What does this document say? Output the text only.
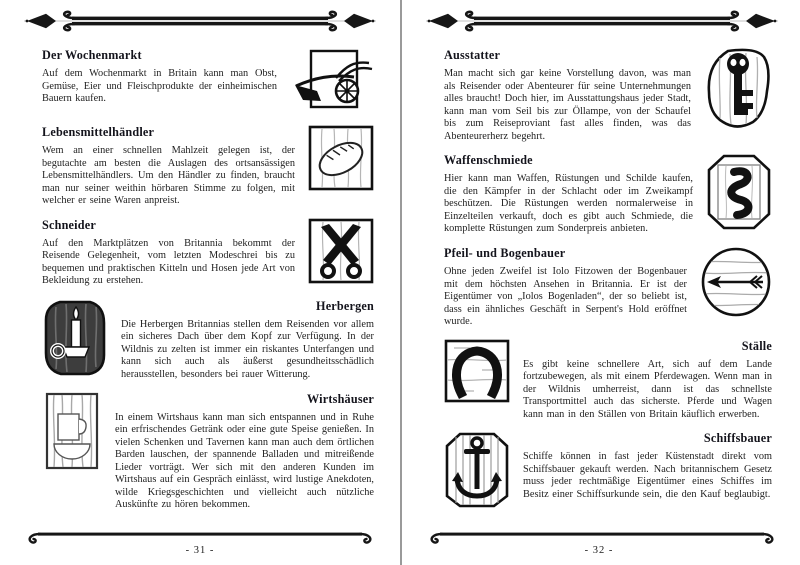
Der Wochenmarkt

Auf dem Wochenmarkt in Britain kann man Obst, Gemüse, Eier und Fleischprodukte der einheimischen Bauern kaufen.

Lebensmittelhändler

Wem an einer schnellen Mahlzeit gelegen ist, der begutachte am besten die Auslagen des ortsansässigen Lebensmittelhändlers. Um den Händler zu finden, braucht man nur seiner weithin hörbaren Stimme zu folgen, mit welcher er seine Waren anpreist.

Schneider

Auf den Marktplätzen von Britannia bekommt der Reisende Gelegenheit, vom letzten Modeschrei bis zu bequemen und praktischen Kitteln und Hosen jede Art von Bekleidung zu erstehen.

Herbergen

Die Herbergen Britannias stellen dem Reisenden vor allem ein sicheres Dach über dem Kopf zur Verfügung. In der Wildnis zu zelten ist immer ein riskantes Unterfangen und kann sich auch als äußerst gesundheitsschädlich herausstellen, besonders bei rauer Witterung.

Wirtshäuser

In einem Wirtshaus kann man sich entspannen und in Ruhe ein erfrischendes Getränk oder eine gute Speise genießen. In vielen Schenken und Tavernen kann man auch dem örtlichen Barden lauschen, der spannende Balladen und mitreißende Lieder vorträgt. Wer sich mit den anderen Kunden im Wirtshaus auf ein Gespräch einlässt, wird lustige Anekdoten, wilde Kriegsgeschichten und vielleicht auch nützliche Auskünfte zu hören bekommen.

- 31 -
Ausstatter

Man macht sich gar keine Vorstellung davon, was man als Reisender oder Abenteurer für seine Unternehmungen alles braucht! Doch hier, im Ausstattungshaus jeder Stadt, kann man vom Seil bis zur Öllampe, von der Schaufel bis zum Reiseproviant fast alles finden, was das Abenteurerherz begehrt.

Waffenschmiede

Hier kann man Waffen, Rüstungen und Schilde kaufen, die den Kämpfer in der Schlacht oder im Zweikampf beschützen. Die Rüstungen werden normalerweise in Einzelteilen verkauft, doch es gibt auch Schmiede, die komplette Rüstungen zum Sonderpreis anbieten.

Pfeil- und Bogenbauer

Ohne jeden Zweifel ist Iolo Fitzowen der Bogenbauer mit dem höchsten Ansehen in Britannia. Er ist der Eigentümer von „Iolos Bogenladen“, der so beliebt ist, dass ein ähnliches Geschäft in Serpent's Hold eröffnet wurde.

Ställe

Es gibt keine schnellere Art, sich auf dem Lande fortzubewegen, als mit einem Pferdewagen. Wenn man in der Wildnis umherreist, dann ist das schnellste Transportmittel auch das sicherste. Pferde und Wagen kann man in den Ställen von Britain käuflich erwerben.

Schiffsbauer

Schiffe können in fast jeder Küstenstadt direkt vom Schiffsbauer gekauft werden. Nach britannischem Gesetz muss jeder rechtmäßige Eigentümer eines Schiffes im Besitz einer Schiffsurkunde sein, die den Kauf beglaubigt.

- 32 -
